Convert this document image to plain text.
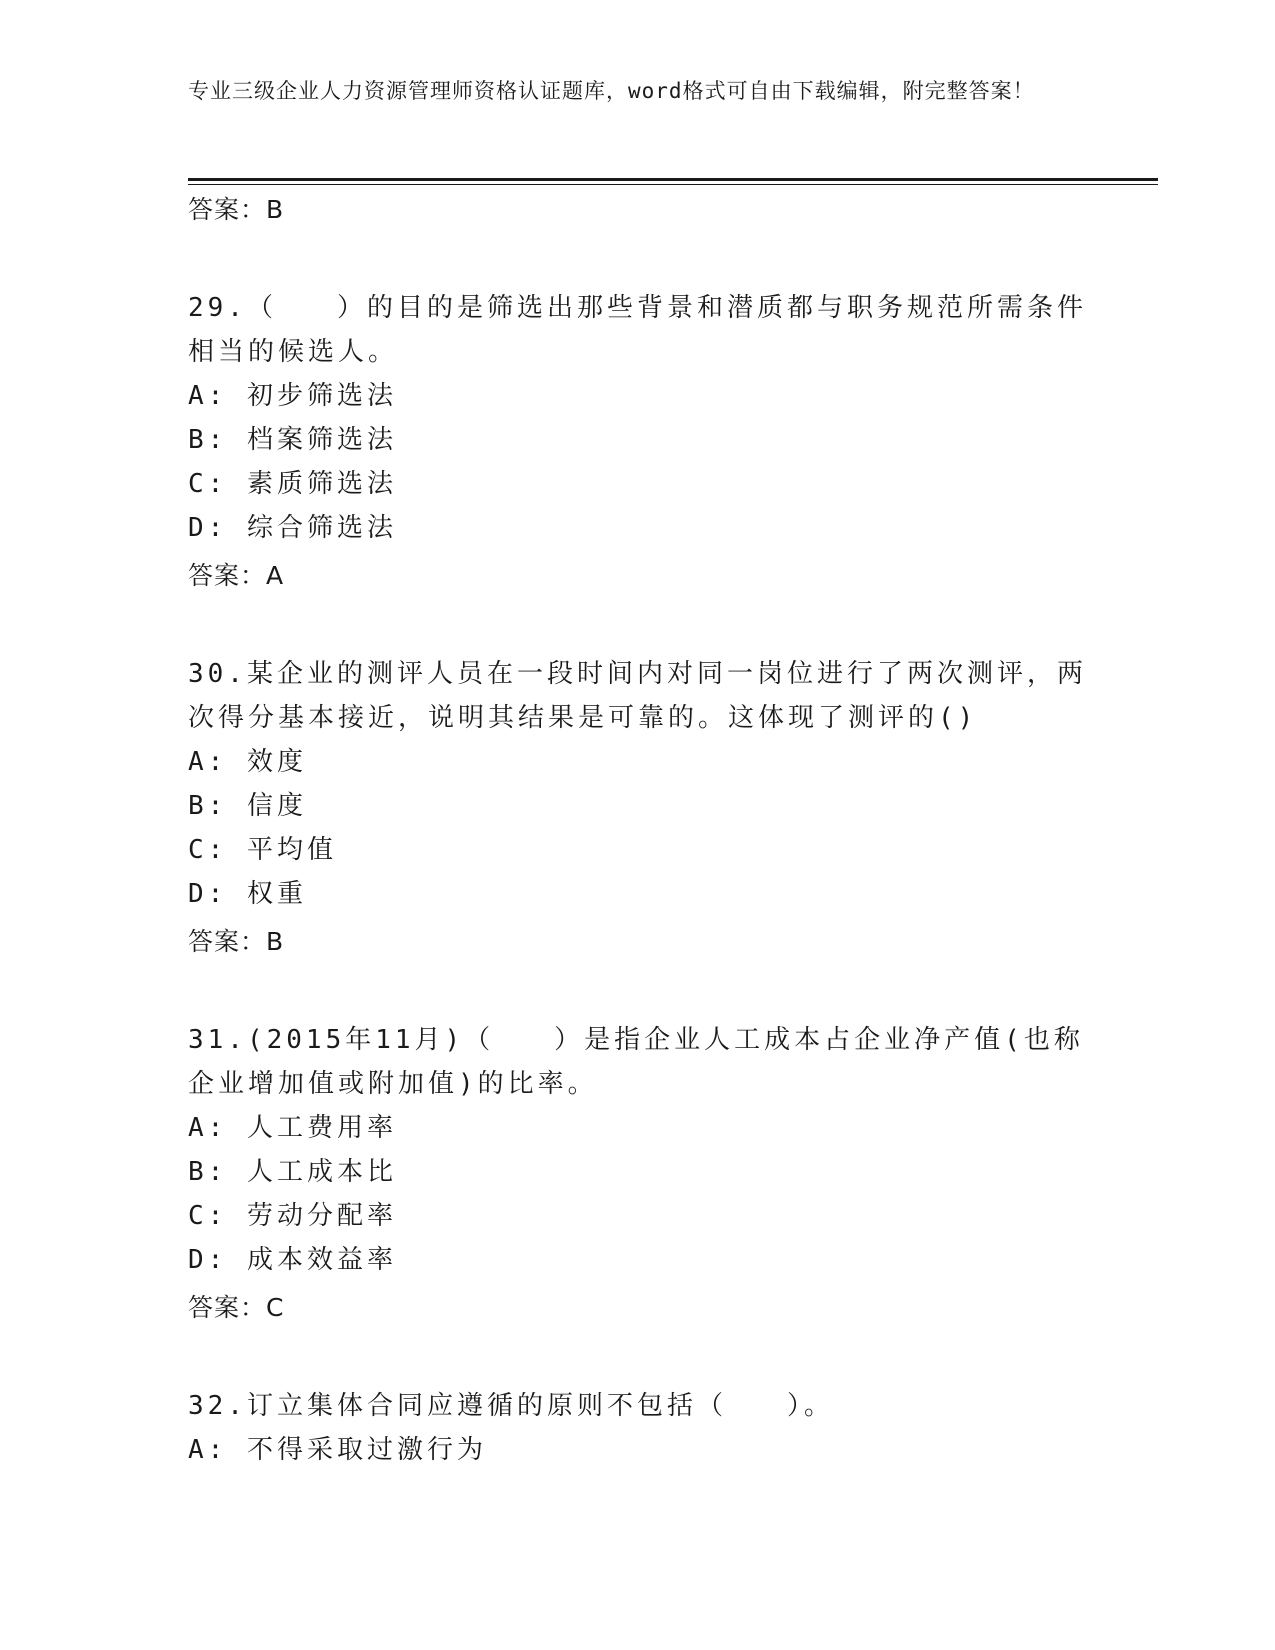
专业三级企业人力资源管理师资格认证题库，word格式可自由下载编辑，附完整答案！
答案：B
29.（　　）的目的是筛选出那些背景和潜质都与职务规范所需条件相当的候选人。
A: 初步筛选法
B: 档案筛选法
C: 素质筛选法
D: 综合筛选法
答案：A
30.某企业的测评人员在一段时间内对同一岗位进行了两次测评，两次得分基本接近，说明其结果是可靠的。这体现了测评的()
A: 效度
B: 信度
C: 平均值
D: 权重
答案：B
31.(2015年11月)（　　）是指企业人工成本占企业净产值(也称企业增加值或附加值)的比率。
A: 人工费用率
B: 人工成本比
C: 劳动分配率
D: 成本效益率
答案：C
32.订立集体合同应遵循的原则不包括（　　）。
A: 不得采取过激行为
